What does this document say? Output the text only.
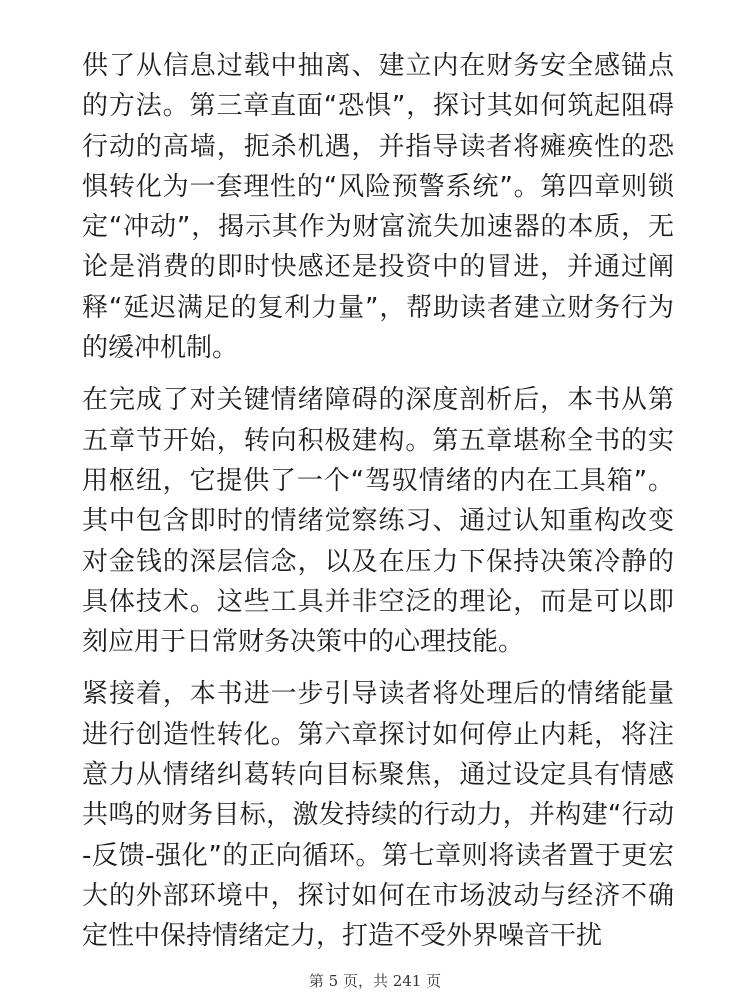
供了从信息过载中抽离、建立内在财务安全感锚点的方法。第三章直面“恐惧”，探讨其如何筑起阻碍行动的高墙，扼杀机遇，并指导读者将瘫痪性的恐惧转化为一套理性的“风险预警系统”。第四章则锁定“冲动”，揭示其作为财富流失加速器的本质，无论是消费的即时快感还是投资中的冒进，并通过阐释“延迟满足的复利力量”，帮助读者建立财务行为的缓冲机制。

在完成了对关键情绪障碍的深度剖析后，本书从第五章节开始，转向积极建构。第五章堪称全书的实用枢纽，它提供了一个“驾驭情绪的内在工具箱”。其中包含即时的情绪觉察练习、通过认知重构改变对金钱的深层信念，以及在压力下保持决策冷静的具体技术。这些工具并非空泛的理论，而是可以即刻应用于日常财务决策中的心理技能。

紧接着，本书进一步引导读者将处理后的情绪能量进行创造性转化。第六章探讨如何停止内耗，将注意力从情绪纠葛转向目标聚焦，通过设定具有情感共鸣的财务目标，激发持续的行动力，并构建“行动-反馈-强化”的正向循环。第七章则将读者置于更宏大的外部环境中，探讨如何在市场波动与经济不确定性中保持情绪定力，打造不受外界噪音干扰

第 5 页，共 241 页
